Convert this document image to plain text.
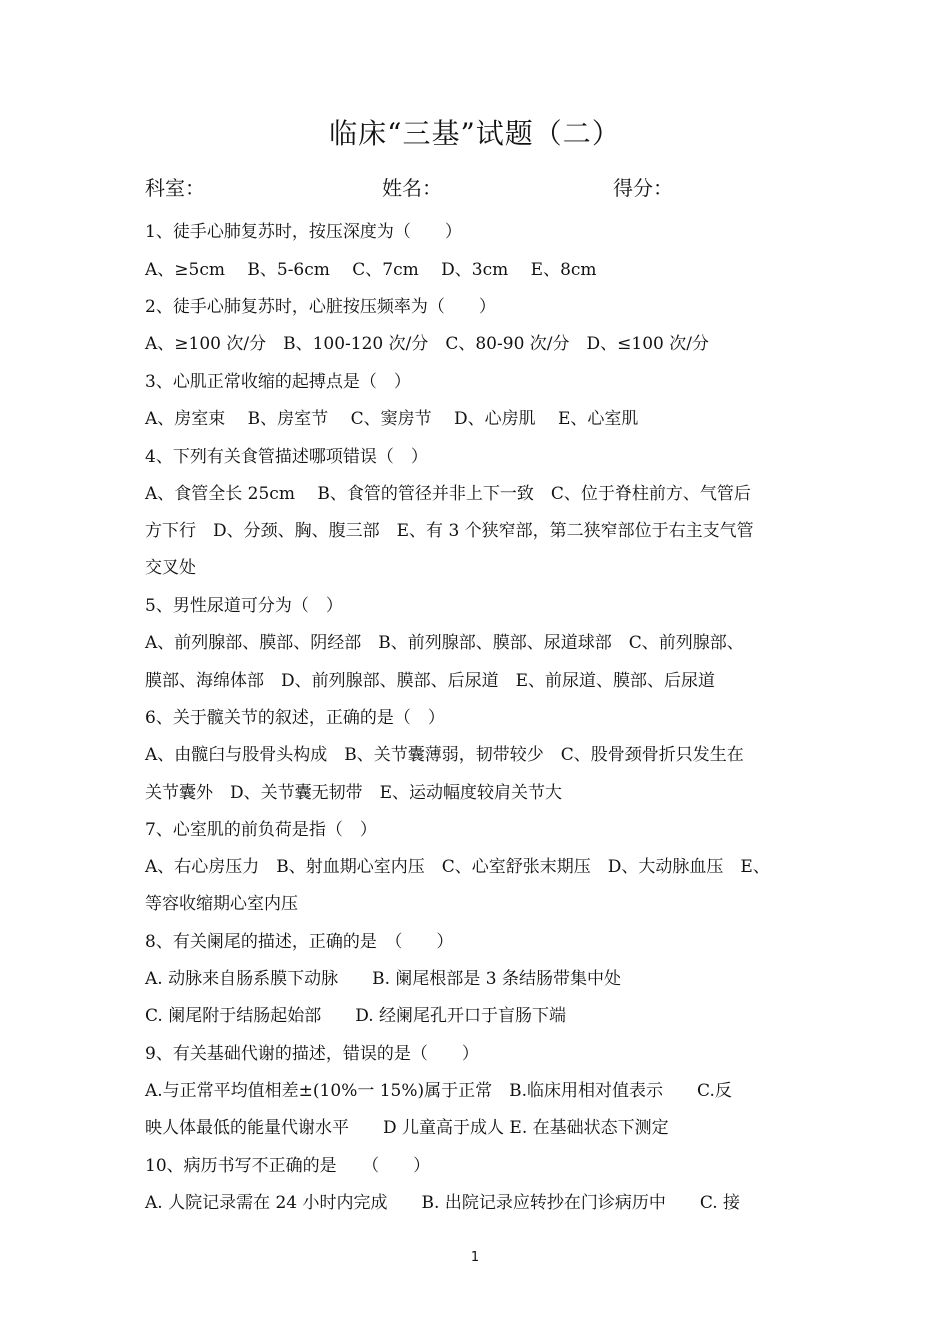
临床“三基”试题（二）
科室：	姓名：	得分：
1、徒手心肺复苏时，按压深度为（　　）
A、≥5cm　 B、5-6cm　 C、7cm　 D、3cm　 E、8cm
2、徒手心肺复苏时，心脏按压频率为（　　）
A、≥100 次/分　B、100-120 次/分　C、80-90 次/分　D、≤100 次/分
3、心肌正常收缩的起搏点是（　）
A、房室束　 B、房室节　 C、窦房节　 D、心房肌　 E、心室肌
4、下列有关食管描述哪项错误（　）
A、食管全长 25cm　 B、食管的管径并非上下一致　C、位于脊柱前方、气管后
方下行　D、分颈、胸、腹三部　E、有 3 个狭窄部，第二狭窄部位于右主支气管
交叉处
5、男性尿道可分为（　）
A、前列腺部、膜部、阴经部　B、前列腺部、膜部、尿道球部　C、前列腺部、
膜部、海绵体部　D、前列腺部、膜部、后尿道　E、前尿道、膜部、后尿道
6、关于髋关节的叙述，正确的是（　）
A、由髋臼与股骨头构成　B、关节囊薄弱，韧带较少　C、股骨颈骨折只发生在
关节囊外　D、关节囊无韧带　E、运动幅度较肩关节大
7、心室肌的前负荷是指（　）
A、右心房压力　B、射血期心室内压　C、心室舒张末期压　D、大动脉血压　E、
等容收缩期心室内压
8、有关阑尾的描述，正确的是　（　　）
A. 动脉来自肠系膜下动脉　　B. 阑尾根部是 3 条结肠带集中处
C. 阑尾附于结肠起始部　　D. 经阑尾孔开口于盲肠下端
9、有关基础代谢的描述，错误的是（　　）
A.与正常平均值相差±(10%一 15%)属于正常　B.临床用相对值表示　　C.反
映人体最低的能量代谢水平　　D 儿童高于成人 E. 在基础状态下测定
10、病历书写不正确的是　　（　　）
A. 人院记录需在 24 小时内完成　　B. 出院记录应转抄在门诊病历中　　C. 接
1
